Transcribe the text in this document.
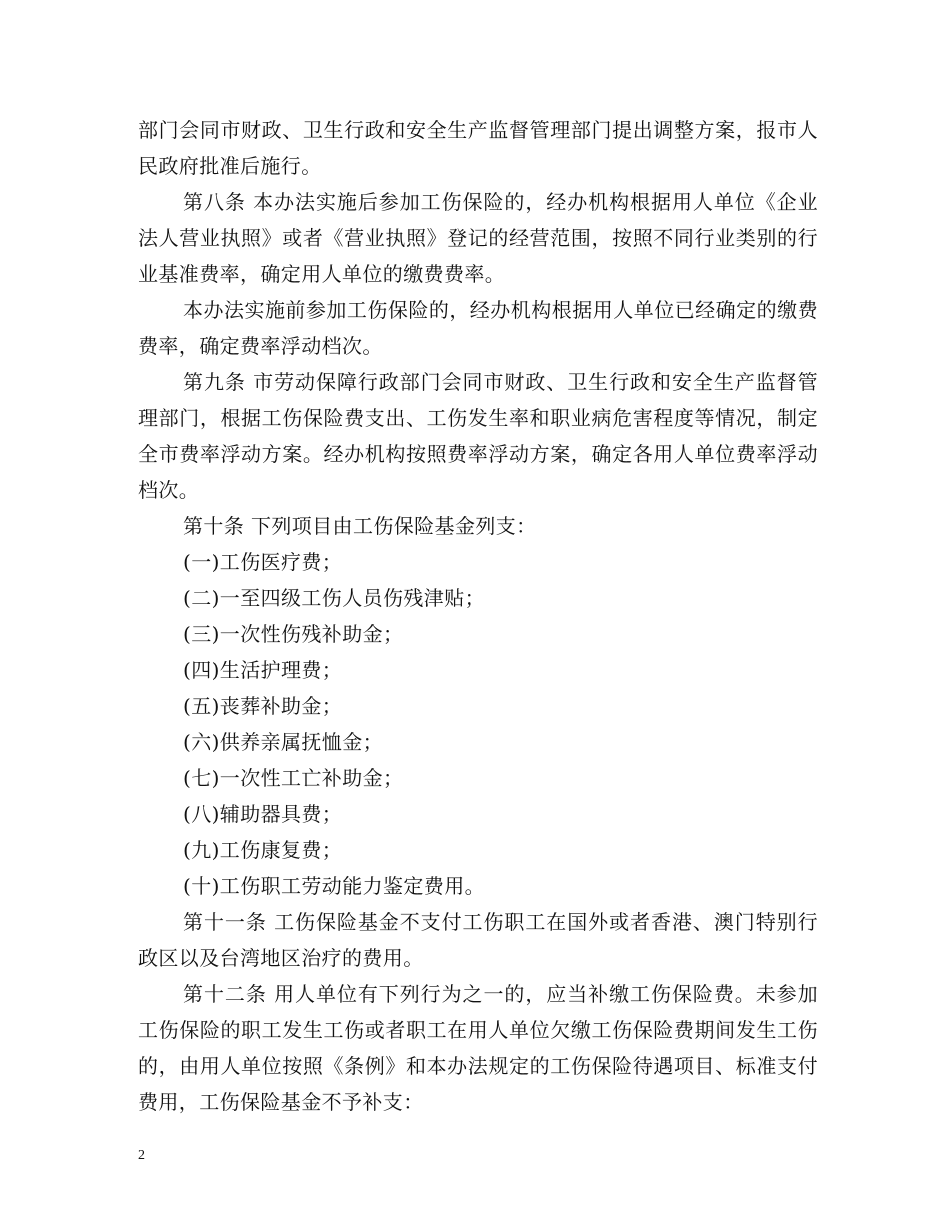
部门会同市财政、卫生行政和安全生产监督管理部门提出调整方案，报市人民政府批准后施行。

第八条 本办法实施后参加工伤保险的，经办机构根据用人单位《企业法人营业执照》或者《营业执照》登记的经营范围，按照不同行业类别的行业基准费率，确定用人单位的缴费费率。

本办法实施前参加工伤保险的，经办机构根据用人单位已经确定的缴费费率，确定费率浮动档次。

第九条 市劳动保障行政部门会同市财政、卫生行政和安全生产监督管理部门，根据工伤保险费支出、工伤发生率和职业病危害程度等情况，制定全市费率浮动方案。经办机构按照费率浮动方案，确定各用人单位费率浮动档次。

第十条 下列项目由工伤保险基金列支：

(一)工伤医疗费；

(二)一至四级工伤人员伤残津贴；

(三)一次性伤残补助金；

(四)生活护理费；

(五)丧葬补助金；

(六)供养亲属抚恤金；

(七)一次性工亡补助金；

(八)辅助器具费；

(九)工伤康复费；

(十)工伤职工劳动能力鉴定费用。

第十一条 工伤保险基金不支付工伤职工在国外或者香港、澳门特别行政区以及台湾地区治疗的费用。

第十二条 用人单位有下列行为之一的，应当补缴工伤保险费。未参加工伤保险的职工发生工伤或者职工在用人单位欠缴工伤保险费期间发生工伤的，由用人单位按照《条例》和本办法规定的工伤保险待遇项目、标准支付费用，工伤保险基金不予补支：

2
